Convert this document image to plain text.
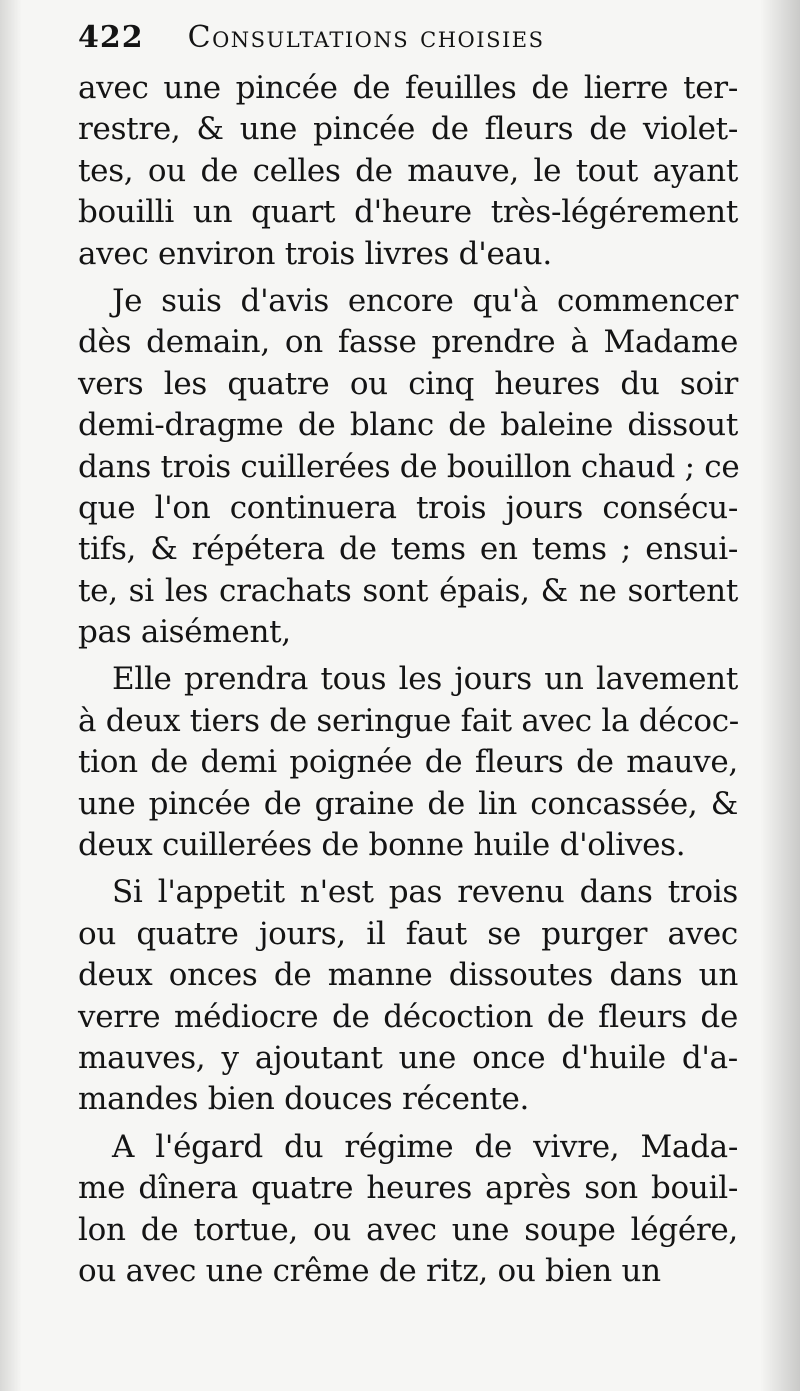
422 Consultations choisies
avec une pincée de feuilles de lierre ter-
restre, & une pincée de fleurs de violet-
tes, ou de celles de mauve, le tout ayant
bouilli un quart d'heure très-légérement
avec environ trois livres d'eau.
Je suis d'avis encore qu'à commencer
dès demain, on fasse prendre à Madame
vers les quatre ou cinq heures du soir
demi-dragme de blanc de baleine dissout
dans trois cuillerées de bouillon chaud ; ce
que l'on continuera trois jours consécu-
tifs, & répétera de tems en tems ; ensui-
te, si les crachats sont épais, & ne sortent
pas aisément,
Elle prendra tous les jours un lavement
à deux tiers de seringue fait avec la décoc-
tion de demi poignée de fleurs de mauve,
une pincée de graine de lin concassée, &
deux cuillerées de bonne huile d'olives.
Si l'appetit n'est pas revenu dans trois
ou quatre jours, il faut se purger avec
deux onces de manne dissoutes dans un
verre médiocre de décoction de fleurs de
mauves, y ajoutant une once d'huile d'a-
mandes bien douces récente.
A l'égard du régime de vivre, Mada-
me dînera quatre heures après son bouil-
lon de tortue, ou avec une soupe légére,
ou avec une crême de ritz, ou bien un
